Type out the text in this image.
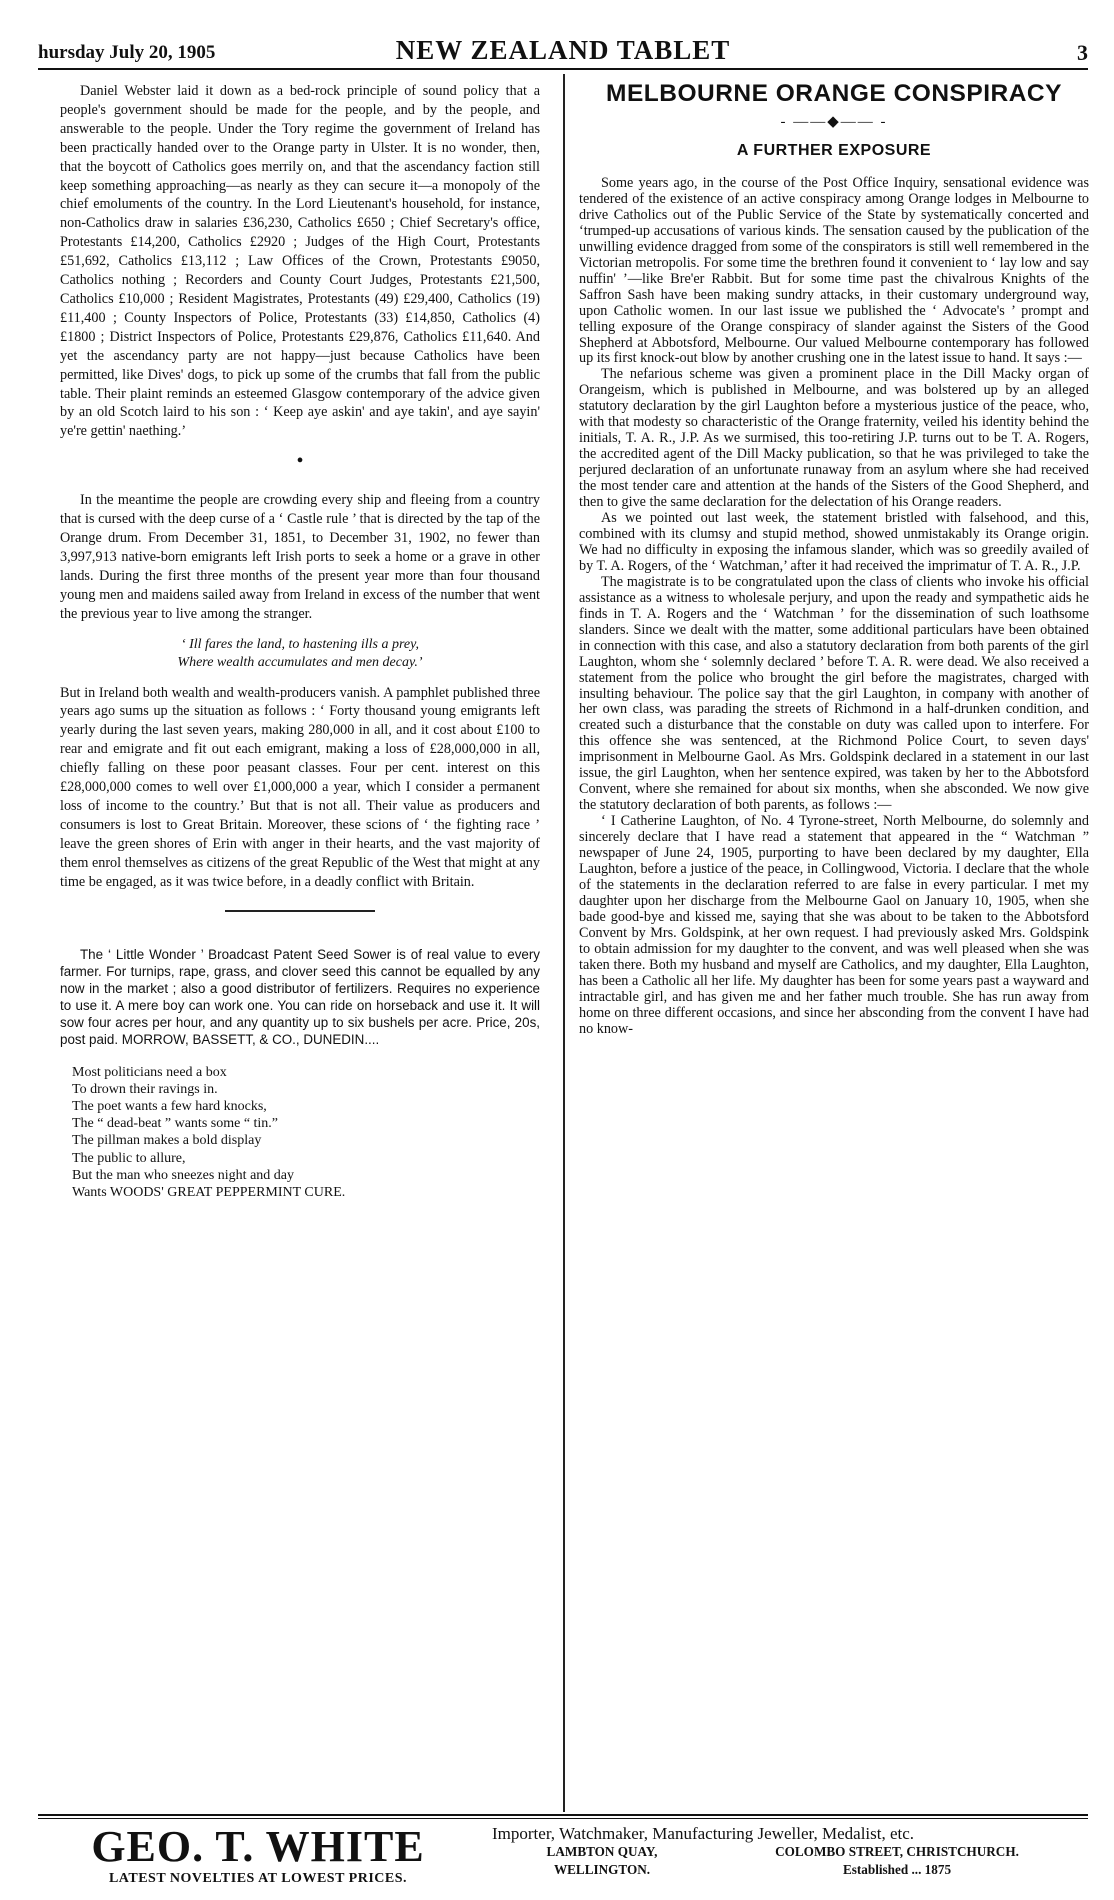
hursday July 20, 1905	NEW ZEALAND TABLET	3

Daniel Webster laid it down as a bed-rock principle of sound policy that a people's government should be made for the people, and by the people, and answerable to the people. Under the Tory regime the government of Ireland has been practically handed over to the Orange party in Ulster. It is no wonder, then, that the boycott of Catholics goes merrily on, and that the ascendancy faction still keep something approaching—as nearly as they can secure it—a monopoly of the chief emoluments of the country. In the Lord Lieutenant's household, for instance, non-Catholics draw in salaries £36,230, Catholics £650 ; Chief Secretary's office, Protestants £14,200, Catholics £2920 ; Judges of the High Court, Protestants £51,692, Catholics £13,112 ; Law Offices of the Crown, Protestants £9050, Catholics nothing ; Recorders and County Court Judges, Protestants £21,500, Catholics £10,000 ; Resident Magistrates, Protestants (49) £29,400, Catholics (19) £11,400 ; County Inspectors of Police, Protestants (33) £14,850, Catholics (4) £1800 ; District Inspectors of Police, Protestants £29,876, Catholics £11,640. And yet the ascendancy party are not happy—just because Catholics have been permitted, like Dives' dogs, to pick up some of the crumbs that fall from the public table. Their plaint reminds an esteemed Glasgow contemporary of the advice given by an old Scotch laird to his son : ‘ Keep aye askin' and aye takin', and aye sayin' ye're gettin' naething.’

•

In the meantime the people are crowding every ship and fleeing from a country that is cursed with the deep curse of a ‘ Castle rule ’ that is directed by the tap of the Orange drum. From December 31, 1851, to December 31, 1902, no fewer than 3,997,913 native-born emigrants left Irish ports to seek a home or a grave in other lands. During the first three months of the present year more than four thousand young men and maidens sailed away from Ireland in excess of the number that went the previous year to live among the stranger.

‘ Ill fares the land, to hastening ills a prey,
Where wealth accumulates and men decay.’

But in Ireland both wealth and wealth-producers vanish. A pamphlet published three years ago sums up the situation as follows : ‘ Forty thousand young emigrants left yearly during the last seven years, making 280,000 in all, and it cost about £100 to rear and emigrate and fit out each emigrant, making a loss of £28,000,000 in all, chiefly falling on these poor peasant classes. Four per cent. interest on this £28,000,000 comes to well over £1,000,000 a year, which I consider a permanent loss of income to the country.’ But that is not all. Their value as producers and consumers is lost to Great Britain. Moreover, these scions of ‘ the fighting race ’ leave the green shores of Erin with anger in their hearts, and the vast majority of them enrol themselves as citizens of the great Republic of the West that might at any time be engaged, as it was twice before, in a deadly conflict with Britain.

The ‘ Little Wonder ’ Broadcast Patent Seed Sower is of real value to every farmer. For turnips, rape, grass, and clover seed this cannot be equalled by any now in the market ; also a good distributor of fertilizers. Requires no experience to use it. A mere boy can work one. You can ride on horseback and use it. It will sow four acres per hour, and any quantity up to six bushels per acre. Price, 20s, post paid. MORROW, BASSETT, & CO., DUNEDIN....

Most politicians need a box
To drown their ravings in.
The poet wants a few hard knocks,
The “ dead-beat ” wants some “ tin.”
The pillman makes a bold display
The public to allure,
But the man who sneezes night and day
Wants WOODS' GREAT PEPPERMINT CURE.
MELBOURNE ORANGE CONSPIRACY
- ——◆—— -
A FURTHER EXPOSURE

Some years ago, in the course of the Post Office Inquiry, sensational evidence was tendered of the existence of an active conspiracy among Orange lodges in Melbourne to drive Catholics out of the Public Service of the State by systematically concerted and ‘trumped-up accusations of various kinds. The sensation caused by the publication of the unwilling evidence dragged from some of the conspirators is still well remembered in the Victorian metropolis. For some time the brethren found it convenient to ‘ lay low and say nuffin' ’—like Bre'er Rabbit. But for some time past the chivalrous Knights of the Saffron Sash have been making sundry attacks, in their customary underground way, upon Catholic women. In our last issue we published the ‘ Advocate's ’ prompt and telling exposure of the Orange conspiracy of slander against the Sisters of the Good Shepherd at Abbotsford, Melbourne. Our valued Melbourne contemporary has followed up its first knock-out blow by another crushing one in the latest issue to hand. It says :—

The nefarious scheme was given a prominent place in the Dill Macky organ of Orangeism, which is published in Melbourne, and was bolstered up by an alleged statutory declaration by the girl Laughton before a mysterious justice of the peace, who, with that modesty so characteristic of the Orange fraternity, veiled his identity behind the initials, T. A. R., J.P. As we surmised, this too-retiring J.P. turns out to be T. A. Rogers, the accredited agent of the Dill Macky publication, so that he was privileged to take the perjured declaration of an unfortunate runaway from an asylum where she had received the most tender care and attention at the hands of the Sisters of the Good Shepherd, and then to give the same declaration for the delectation of his Orange readers.

As we pointed out last week, the statement bristled with falsehood, and this, combined with its clumsy and stupid method, showed unmistakably its Orange origin. We had no difficulty in exposing the infamous slander, which was so greedily availed of by T. A. Rogers, of the ‘ Watchman,’ after it had received the imprimatur of T. A. R., J.P.

The magistrate is to be congratulated upon the class of clients who invoke his official assistance as a witness to wholesale perjury, and upon the ready and sympathetic aids he finds in T. A. Rogers and the ‘ Watchman ’ for the dissemination of such loathsome slanders. Since we dealt with the matter, some additional particulars have been obtained in connection with this case, and also a statutory declaration from both parents of the girl Laughton, whom she ‘ solemnly declared ’ before T. A. R. were dead. We also received a statement from the police who brought the girl before the magistrates, charged with insulting behaviour. The police say that the girl Laughton, in company with another of her own class, was parading the streets of Richmond in a half-drunken condition, and created such a disturbance that the constable on duty was called upon to interfere. For this offence she was sentenced, at the Richmond Police Court, to seven days' imprisonment in Melbourne Gaol. As Mrs. Goldspink declared in a statement in our last issue, the girl Laughton, when her sentence expired, was taken by her to the Abbotsford Convent, where she remained for about six months, when she absconded. We now give the statutory declaration of both parents, as follows :—

‘ I Catherine Laughton, of No. 4 Tyrone-street, North Melbourne, do solemnly and sincerely declare that I have read a statement that appeared in the “ Watchman ” newspaper of June 24, 1905, purporting to have been declared by my daughter, Ella Laughton, before a justice of the peace, in Collingwood, Victoria. I declare that the whole of the statements in the declaration referred to are false in every particular. I met my daughter upon her discharge from the Melbourne Gaol on January 10, 1905, when she bade good-bye and kissed me, saying that she was about to be taken to the Abbotsford Convent by Mrs. Goldspink, at her own request. I had previously asked Mrs. Goldspink to obtain admission for my daughter to the convent, and was well pleased when she was taken there. Both my husband and myself are Catholics, and my daughter, Ella Laughton, has been a Catholic all her life. My daughter has been for some years past a wayward and intractable girl, and has given me and her father much trouble. She has run away from home on three different occasions, and since her absconding from the convent I have had no know-

GEO. T. WHITE
LATEST NOVELTIES AT LOWEST PRICES.
Importer, Watchmaker, Manufacturing Jeweller, Medalist, etc.
LAMBTON QUAY,	COLOMBO STREET, CHRISTCHURCH.
WELLINGTON.	Established ... 1875
